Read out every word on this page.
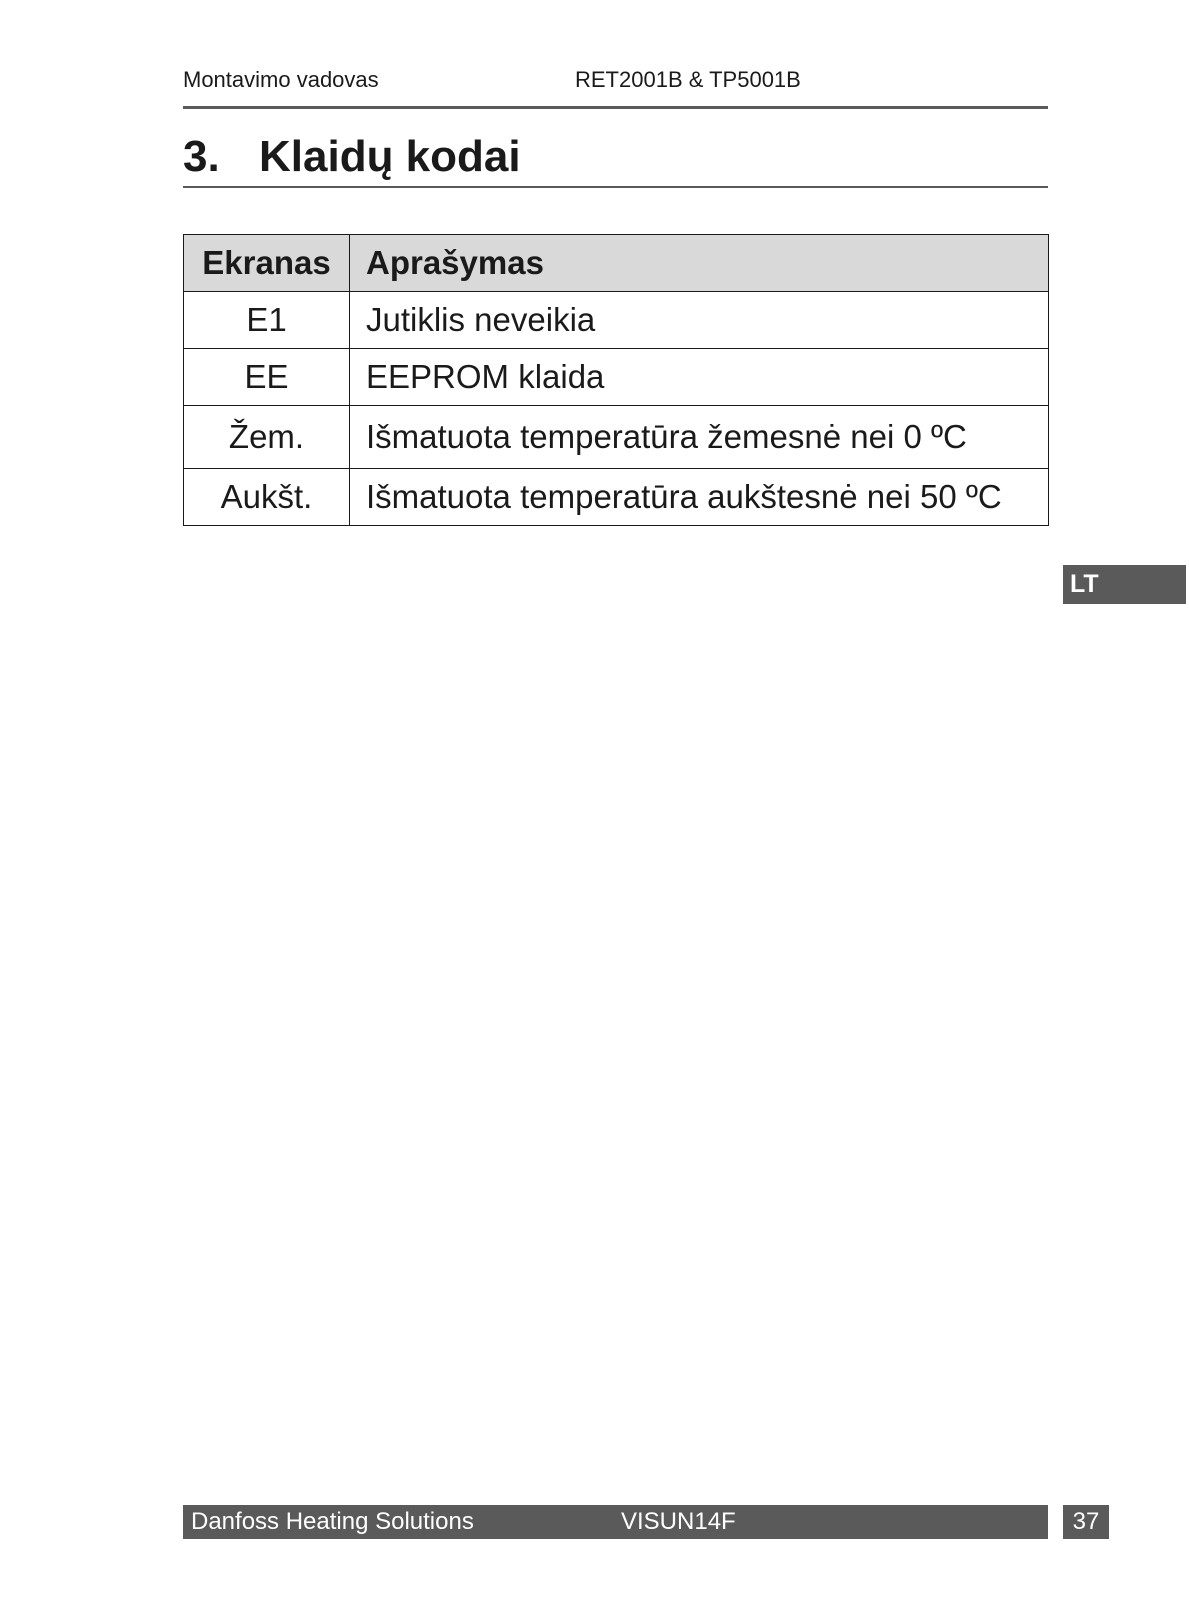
Montavimo vadovas	RET2001B & TP5001B
3. Klaidų kodai
Ekranas	Aprašymas
E1	Jutiklis neveikia
EE	EEPROM klaida
Žem.	Išmatuota temperatūra žemesnė nei 0 ºC
Aukšt.	Išmatuota temperatūra aukštesnė nei 50 ºC
LT
Danfoss Heating Solutions	VISUN14F	37
